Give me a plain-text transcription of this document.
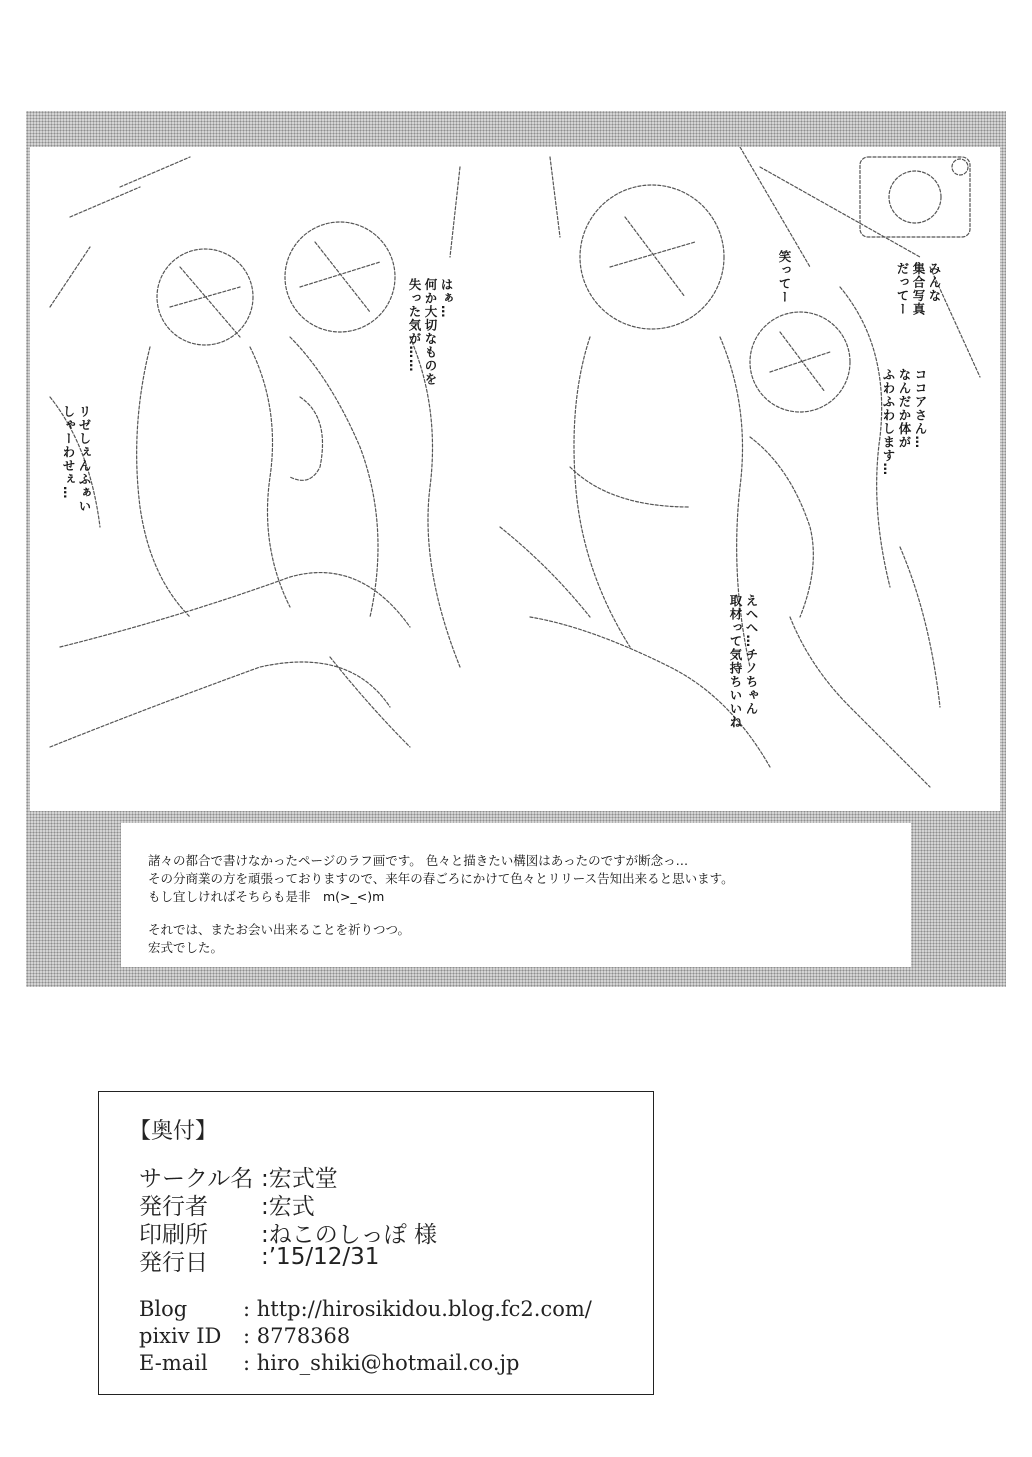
リゼしぇんふぁい
しゃーわせぇ…
はぁ…
何か大切なものを
失った気が……
笑ってー	みんな
集合写真
だってー
ココアさん…
なんだか体が
ふわふわします…
えへへ…チノちゃん
取材って気持ちいいね
諸々の都合で書けなかったページのラフ画です。 色々と描きたい構図はあったのですが断念っ…
その分商業の方を頑張っておりますので、来年の春ごろにかけて色々とリリース告知出来ると思います。
もし宜しければそちらも是非　m(>_<)m
それでは、またお会い出来ることを祈りつつ。
宏式でした。
【奥付】
サークル名 :宏式堂
発行者 :宏式
印刷所 :ねこのしっぽ 様
発行日 :’15/12/31
Blog	: http://hirosikidou.blog.fc2.com/
pixiv ID : 8778368
E-mail : hiro_shiki@hotmail.co.jp
